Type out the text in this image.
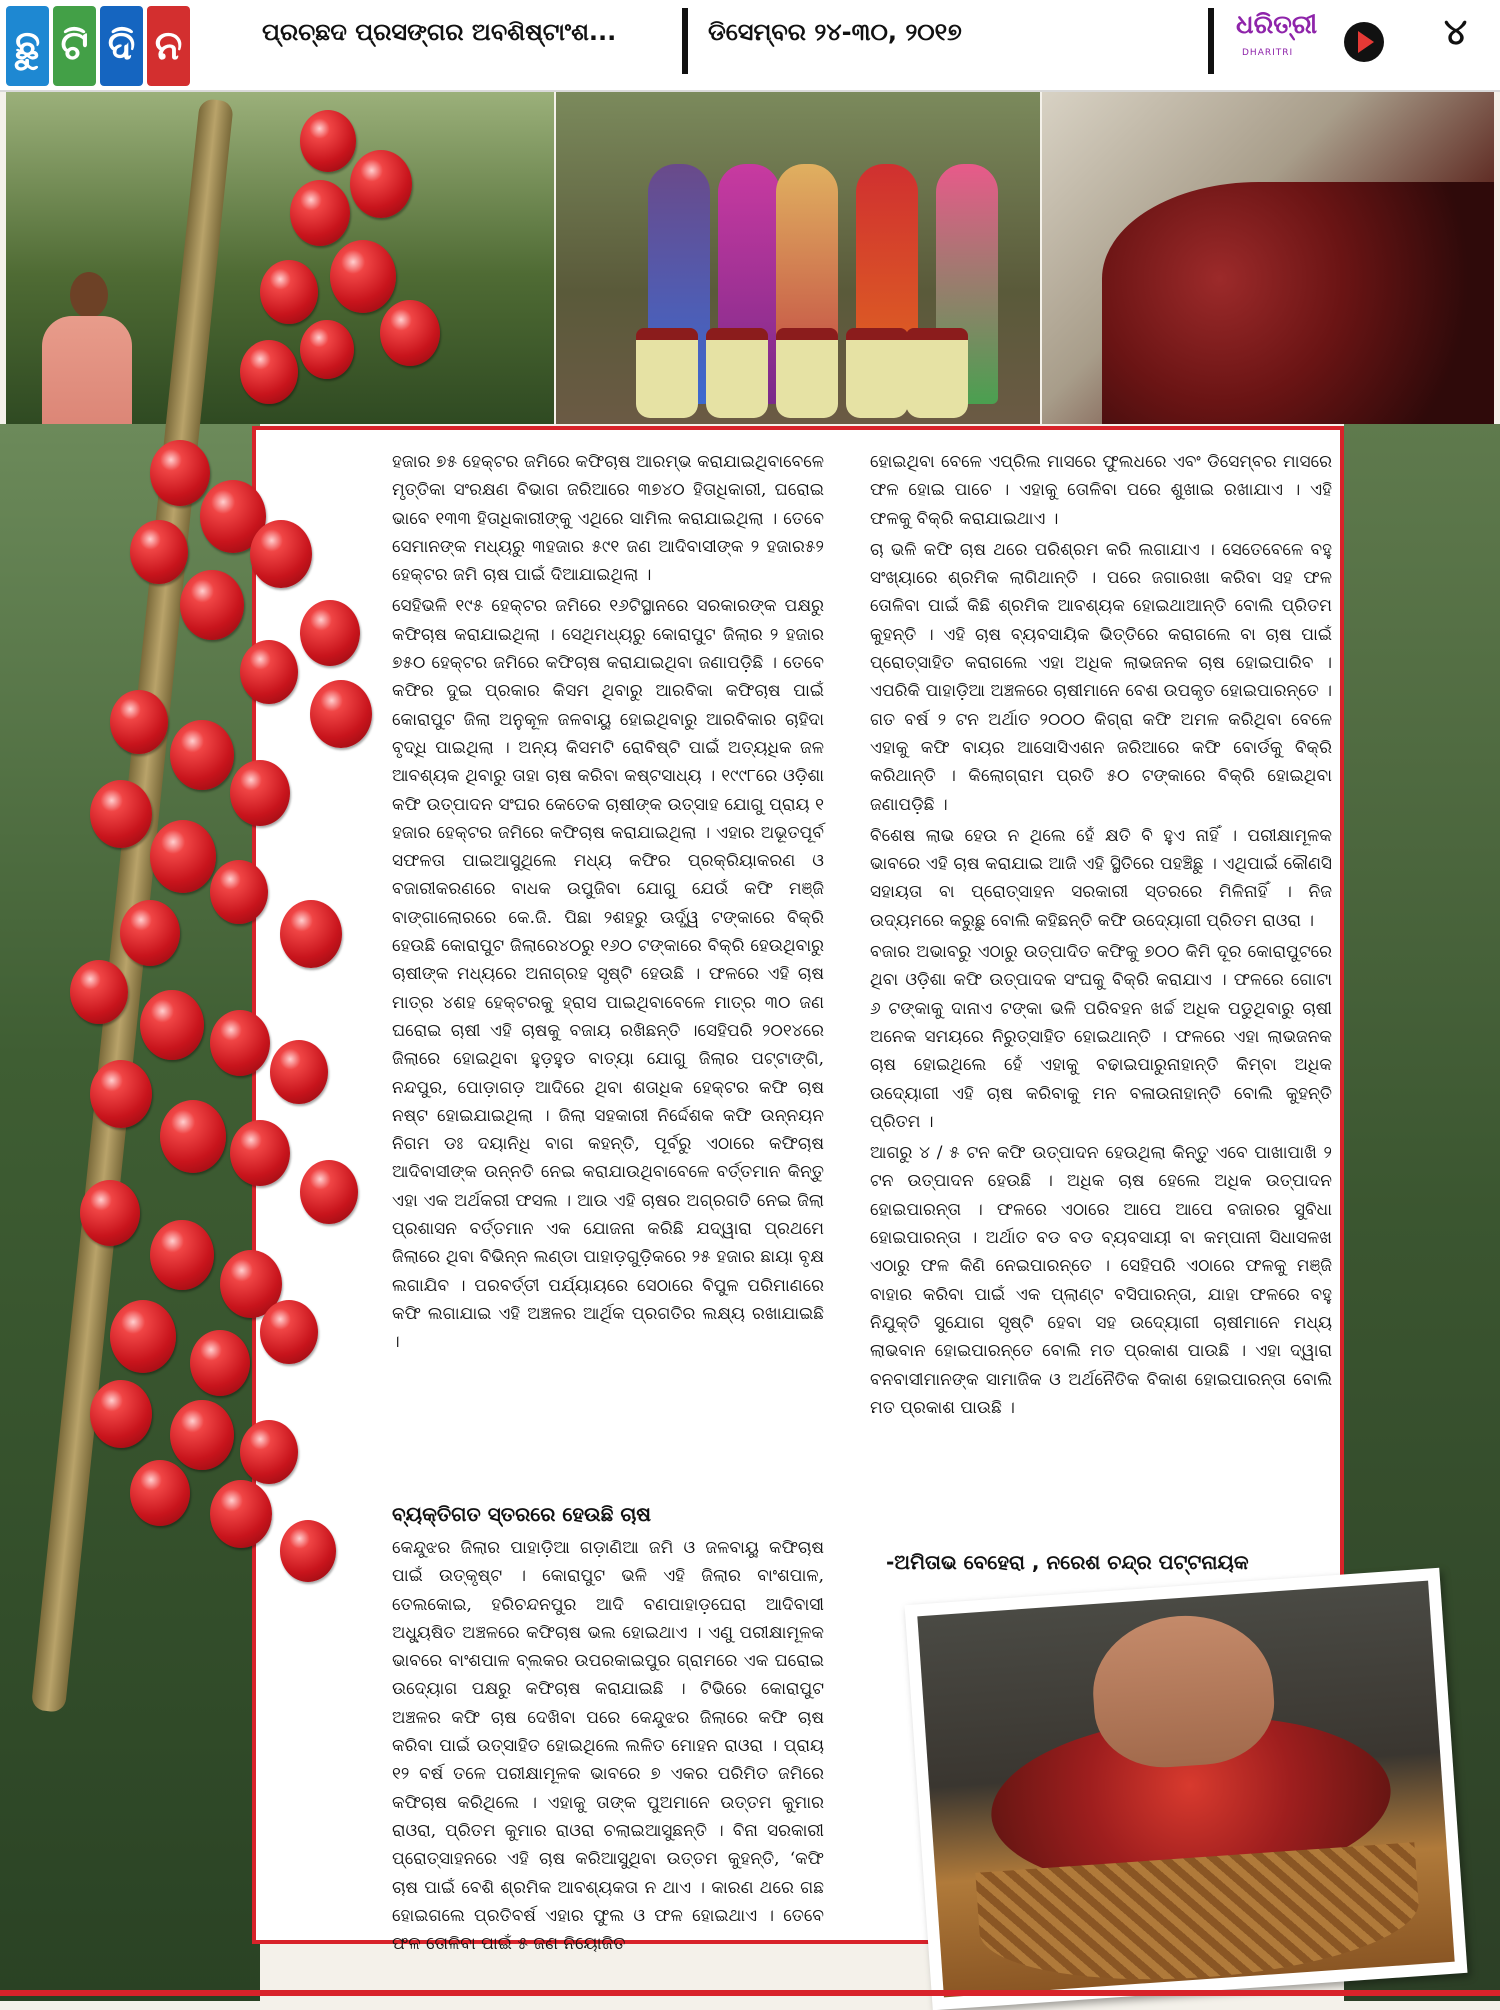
ଛୁ ଟି ଦି ନ	ପ୍ରଚ୍ଛଦ ପ୍ରସଙ୍ଗର ଅବଶିଷ୍ଟାଂଶ...	ଡିସେମ୍ବର ୨୪-୩୦, ୨୦୧୭	ଧରିତ୍ରୀ
DHARITRI	୪

ହଜାର ୭୫ ହେକ୍ଟର ଜମିରେ କଫିଚାଷ ଆରମ୍ଭ କରାଯାଇଥିବାବେଳେ ମୃତ୍ତିକା ସଂରକ୍ଷଣ ବିଭାଗ ଜରିଆରେ ୩୭୪୦ ହିତାଧିକାରୀ, ଘରୋଇ ଭାବେ ୧୩୩ ହିତାଧିକାରୀଙ୍କୁ ଏଥିରେ ସାମିଲ କରାଯାଇଥିଲା । ତେବେ ସେମାନଙ୍କ ମଧ୍ୟରୁ ୩ହଜାର ୫୯୧ ଜଣ ଆଦିବାସୀଙ୍କ ୨ ହଜାର୫୨ ହେକ୍ଟର ଜମି ଚାଷ ପାଇଁ ଦିଆଯାଇଥିଲା ।

ସେହିଭଳି ୧୯୫ ହେକ୍ଟର ଜମିରେ ୧୬ଟିସ୍ଥାନରେ ସରକାରଙ୍କ ପକ୍ଷରୁ କଫିଚାଷ କରାଯାଇଥିଲା । ସେଥିମଧ୍ୟରୁ କୋରାପୁଟ ଜିଲାର ୨ ହଜାର ୭୫୦ ହେକ୍ଟର ଜମିରେ କଫିଚାଷ କରାଯାଇଥିବା ଜଣାପଡ଼ିଛି । ତେବେ କଫିର ଦୁଇ ପ୍ରକାର କିସମ ଥିବାରୁ ଆରବିକା କଫିଚାଷ ପାଇଁ କୋରାପୁଟ ଜିଲା ଅନୁକୂଳ ଜଳବାୟୁ ହୋଇଥିବାରୁ ଆରବିକାର ଚାହିଦା ବୃଦ୍ଧି ପାଇଥିଲା । ଅନ୍ୟ କିସମଟି ରୋବିଷ୍ଟି ପାଇଁ ଅତ୍ୟଧିକ ଜଳ ଆବଶ୍ୟକ ଥିବାରୁ ତାହା ଚାଷ କରିବା କଷ୍ଟସାଧ୍ୟ । ୧୯୯୮ରେ ଓଡ଼ିଶା କଫି ଉତ୍ପାଦନ ସଂଘର କେତେକ ଚାଷୀଙ୍କ ଉତ୍ସାହ ଯୋଗୁ ପ୍ରାୟ ୧ ହଜାର ହେକ୍ଟର ଜମିରେ କଫିଚାଷ କରାଯାଇଥିଲା । ଏହାର ଅଭୂତପୂର୍ବ ସଫଳତା ପାଇଆସୁଥିଲେ ମଧ୍ୟ କଫିର ପ୍ରକ୍ରିୟାକରଣ ଓ ବଜାରୀକରଣରେ ବାଧକ ଉପୁଜିବା ଯୋଗୁ ଯେଉଁ କଫି ମଞ୍ଜି ବାଙ୍ଗାଲୋରରେ କେ.ଜି. ପିଛା ୨ଶହରୁ ଊର୍ଦ୍ଧ୍ୱ ଟଙ୍କାରେ ବିକ୍ରି ହେଉଛି କୋରାପୁଟ ଜିଲାରେ୪୦ରୁ ୧୬୦ ଟଙ୍କାରେ ବିକ୍ରି ହେଉଥିବାରୁ ଚାଷୀଙ୍କ ମଧ୍ୟରେ ଅନାଗ୍ରହ ସୃଷ୍ଟି ହେଉଛି । ଫଳରେ ଏହି ଚାଷ ମାତ୍ର ୪ଶହ ହେକ୍ଟରକୁ ହ୍ରାସ ପାଇଥିବାବେଳେ ମାତ୍ର ୩୦ ଜଣ ଘରୋଇ ଚାଷୀ ଏହି ଚାଷକୁ ବଜାୟ ରଖିଛନ୍ତି ।ସେହିପରି ୨୦୧୪ରେ ଜିଲାରେ ହୋଇଥିବା ହୁଡ଼ହୁଡ ବାତ୍ୟା ଯୋଗୁ ଜିଲାର ପଟ୍ଟାଙ୍ଗି, ନନ୍ଦପୁର, ପୋଡ଼ାଗଡ଼ ଆଦିରେ ଥିବା ଶତାଧିକ ହେକ୍ଟର କଫି ଚାଷ ନଷ୍ଟ ହୋଇଯାଇଥିଲା । ଜିଲା ସହକାରୀ ନିର୍ଦ୍ଦେଶକ କଫି ଉନ୍ନୟନ ନିଗମ ଡଃ ଦୟାନିଧି ବାଗ କହନ୍ତି, ପୂର୍ବରୁ ଏଠାରେ କଫିଚାଷ ଆଦିବାସୀଙ୍କ ଉନ୍ନତି ନେଇ କରାଯାଉଥିବାବେଳେ ବର୍ତ୍ତମାନ କିନ୍ତୁ ଏହା ଏକ ଅର୍ଥକରୀ ଫସଲ । ଆଉ ଏହି ଚାଷର ଅଗ୍ରଗତି ନେଇ ଜିଲା ପ୍ରଶାସନ ବର୍ତ୍ତମାନ ଏକ ଯୋଜନା କରିଛି ଯଦ୍ୱାରା ପ୍ରଥମେ ଜିଲାରେ ଥିବା ବିଭିନ୍ନ ଲଣ୍ଡା ପାହାଡ଼ଗୁଡ଼ିକରେ ୨୫ ହଜାର ଛାୟା ବୃକ୍ଷ ଲଗାଯିବ । ପରବର୍ତ୍ତୀ ପର୍ଯ୍ୟାୟରେ ସେଠାରେ ବିପୁଳ ପରିମାଣରେ କଫି ଲଗାଯାଇ ଏହି ଅଞ୍ଚଳର ଆର୍ଥିକ ପ୍ରଗତିର ଲକ୍ଷ୍ୟ ରଖାଯାଇଛି ।

ବ୍ୟକ୍ତିଗତ ସ୍ତରରେ ହେଉଛି ଚାଷ

କେନ୍ଦୁଝର ଜିଲାର ପାହାଡ଼ିଆ ଗଡ଼ାଣିଆ ଜମି ଓ ଜଳବାୟୁ କଫିଚାଷ ପାଇଁ ଉତ୍କୃଷ୍ଟ । କୋରାପୁଟ ଭଳି ଏହି ଜିଲାର ବାଂଶପାଳ, ତେଲକୋଇ, ହରିଚନ୍ଦନପୁର ଆଦି ବଣପାହାଡ଼ଘେରା ଆଦିବାସୀ ଅଧ୍ୟୁଷିତ ଅଞ୍ଚଳରେ କଫିଚାଷ ଭଲ ହୋଇଥାଏ । ଏଣୁ ପରୀକ୍ଷାମୂଳକ ଭାବରେ ବାଂଶପାଳ ବ୍ଲକର ଉପରକାଇପୁର ଗ୍ରାମରେ ଏକ ଘରୋଇ ଉଦ୍ୟୋଗ ପକ୍ଷରୁ କଫିଚାଷ କରାଯାଇଛି । ଟିଭିରେ କୋରାପୁଟ ଅଞ୍ଚଳର କଫି ଚାଷ ଦେଖିବା ପରେ କେନ୍ଦୁଝର ଜିଲାରେ କଫି ଚାଷ କରିବା ପାଇଁ ଉତ୍ସାହିତ ହୋଇଥିଲେ ଲଳିତ ମୋହନ ରାଓରା । ପ୍ରାୟ ୧୨ ବର୍ଷ ତଳେ ପରୀକ୍ଷାମୂଳକ ଭାବରେ ୭ ଏକର ପରିମିତ ଜମିରେ କଫିଚାଷ କରିଥିଲେ । ଏହାକୁ ତାଙ୍କ ପୁଅମାନେ ଉତ୍ତମ କୁମାର ରାଓରା, ପ୍ରିତମ କୁମାର ରାଓରା ଚଲାଇଆସୁଛନ୍ତି । ବିନା ସରକାରୀ ପ୍ରୋତ୍ସାହନରେ ଏହି ଚାଷ କରିଆସୁଥିବା ଉତ୍ତମ କୁହନ୍ତି, ‘କଫି ଚାଷ ପାଇଁ ବେଶି ଶ୍ରମିକ ଆବଶ୍ୟକତା ନ ଥାଏ । କାରଣ ଥରେ ଗଛ ହୋଇଗଲେ ପ୍ରତିବର୍ଷ ଏହାର ଫୁଲ ଓ ଫଳ ହୋଇଥାଏ । ତେବେ ଫଳ ତୋଳିବା ପାଇଁ ୫ ଜଣ ନିୟୋଜିତ

ହୋଇଥିବା ବେଳେ ଏପ୍ରିଲ ମାସରେ ଫୁଲଧରେ ଏବଂ ଡିସେମ୍ବର ମାସରେ ଫଳ ହୋଇ ପାଚେ । ଏହାକୁ ତୋଳିବା ପରେ ଶୁଖାଇ ରଖାଯାଏ । ଏହି ଫଳକୁ ବିକ୍ରି କରାଯାଇଥାଏ ।

ଚା ଭଳି କଫି ଚାଷ ଥରେ ପରିଶ୍ରମ କରି ଲଗାଯାଏ । ସେତେବେଳେ ବହୁ ସଂଖ୍ୟାରେ ଶ୍ରମିକ ଲାଗିଥାନ୍ତି । ପରେ ଜଗାରଖା କରିବା ସହ ଫଳ ତୋଳିବା ପାଇଁ କିଛି ଶ୍ରମିକ ଆବଶ୍ୟକ ହୋଇଥାଆନ୍ତି ବୋଲି ପ୍ରିତମ କୁହନ୍ତି । ଏହି ଚାଷ ବ୍ୟବସାୟିକ ଭିତ୍ତିରେ କରାଗଲେ ବା ଚାଷ ପାଇଁ ପ୍ରୋତ୍ସାହିତ କରାଗଲେ ଏହା ଅଧିକ ଲାଭଜନକ ଚାଷ ହୋଇପାରିବ । ଏପରିକି ପାହାଡ଼ିଆ ଅଞ୍ଚଳରେ ଚାଷୀମାନେ ବେଶ ଉପକୃତ ହୋଇପାରନ୍ତେ । ଗତ ବର୍ଷ ୨ ଟନ ଅର୍ଥାତ ୨୦୦୦ କିଗ୍ରା କଫି ଅମଳ କରିଥିବା ବେଳେ ଏହାକୁ କଫି ବାୟର ଆସୋସିଏଶନ ଜରିଆରେ କଫି ବୋର୍ଡକୁ ବିକ୍ରି କରିଥାନ୍ତି । କିଲୋଗ୍ରାମ ପ୍ରତି ୫୦ ଟଙ୍କାରେ ବିକ୍ରି ହୋଇଥିବା ଜଣାପଡ଼ିଛି ।

ବିଶେଷ ଲାଭ ହେଉ ନ ଥିଲେ ହେଁ କ୍ଷତି ବି ହୁଏ ନାହିଁ । ପରୀକ୍ଷାମୂଳକ ଭାବରେ ଏହି ଚାଷ କରାଯାଇ ଆଜି ଏହି ସ୍ଥିତିରେ ପହଞ୍ଚିଛୁ । ଏଥିପାଇଁ କୌଣସି ସହାୟତା ବା ପ୍ରୋତ୍ସାହନ ସରକାରୀ ସ୍ତରରେ ମିଳିନାହିଁ । ନିଜ ଉଦ୍ୟମରେ କରୁଛୁ ବୋଲି କହିଛନ୍ତି କଫି ଉଦ୍ୟୋଗୀ ପ୍ରିତମ ରାଓରା ।

ବଜାର ଅଭାବରୁ ଏଠାରୁ ଉତ୍ପାଦିତ କଫିକୁ ୭୦୦ କିମି ଦୂର କୋରାପୁଟରେ ଥିବା ଓଡ଼ିଶା କଫି ଉତ୍ପାଦକ ସଂଘକୁ ବିକ୍ରି କରାଯାଏ । ଫଳରେ ଗୋଟା ୬ ଟଙ୍କାକୁ ଦାନାଏ ଟଙ୍କା ଭଳି ପରିବହନ ଖର୍ଚ୍ଚ ଅଧିକ ପଡୁଥିବାରୁ ଚାଷୀ ଅନେକ ସମୟରେ ନିରୁତ୍ସାହିତ ହୋଇଥାନ୍ତି । ଫଳରେ ଏହା ଲାଭଜନକ ଚାଷ ହୋଇଥିଲେ ହେଁ ଏହାକୁ ବଢାଇପାରୁନାହାନ୍ତି କିମ୍ବା ଅଧିକ ଉଦ୍ୟୋଗୀ ଏହି ଚାଷ କରିବାକୁ ମନ ବଳାଉନାହାନ୍ତି ବୋଲି କୁହନ୍ତି ପ୍ରିତମ ।

ଆଗରୁ ୪ / ୫ ଟନ କଫି ଉତ୍ପାଦନ ହେଉଥିଲା କିନ୍ତୁ ଏବେ ପାଖାପାଖି ୨ ଟନ ଉତ୍ପାଦନ ହେଉଛି । ଅଧିକ ଚାଷ ହେଲେ ଅଧିକ ଉତ୍ପାଦନ ହୋଇପାରନ୍ତା । ଫଳରେ ଏଠାରେ ଆପେ ଆପେ ବଜାରର ସୁବିଧା ହୋଇପାରନ୍ତା । ଅର୍ଥାତ ବଡ ବଡ ବ୍ୟବସାୟୀ ବା କମ୍ପାନୀ ସିଧାସଳଖ ଏଠାରୁ ଫଳ କିଣି ନେଇପାରନ୍ତେ । ସେହିପରି ଏଠାରେ ଫଳକୁ ମଞ୍ଜି ବାହାର କରିବା ପାଇଁ ଏକ ପ୍ଲାଣ୍ଟ ବସିପାରନ୍ତା, ଯାହା ଫଳରେ ବହୁ ନିଯୁକ୍ତି ସୁଯୋଗ ସୃଷ୍ଟି ହେବା ସହ ଉଦ୍ୟୋଗୀ ଚାଷୀମାନେ ମଧ୍ୟ ଲାଭବାନ ହୋଇପାରନ୍ତେ ବୋଲି ମତ ପ୍ରକାଶ ପାଉଛି । ଏହା ଦ୍ୱାରା ବନବାସୀମାନଙ୍କ ସାମାଜିକ ଓ ଅର୍ଥନୈତିକ ବିକାଶ ହୋଇପାରନ୍ତା ବୋଲି ମତ ପ୍ରକାଶ ପାଉଛି ।

-ଅମିତାଭ ବେହେରା , ନରେଶ ଚନ୍ଦ୍ର ପଟ୍ଟନାୟକ
